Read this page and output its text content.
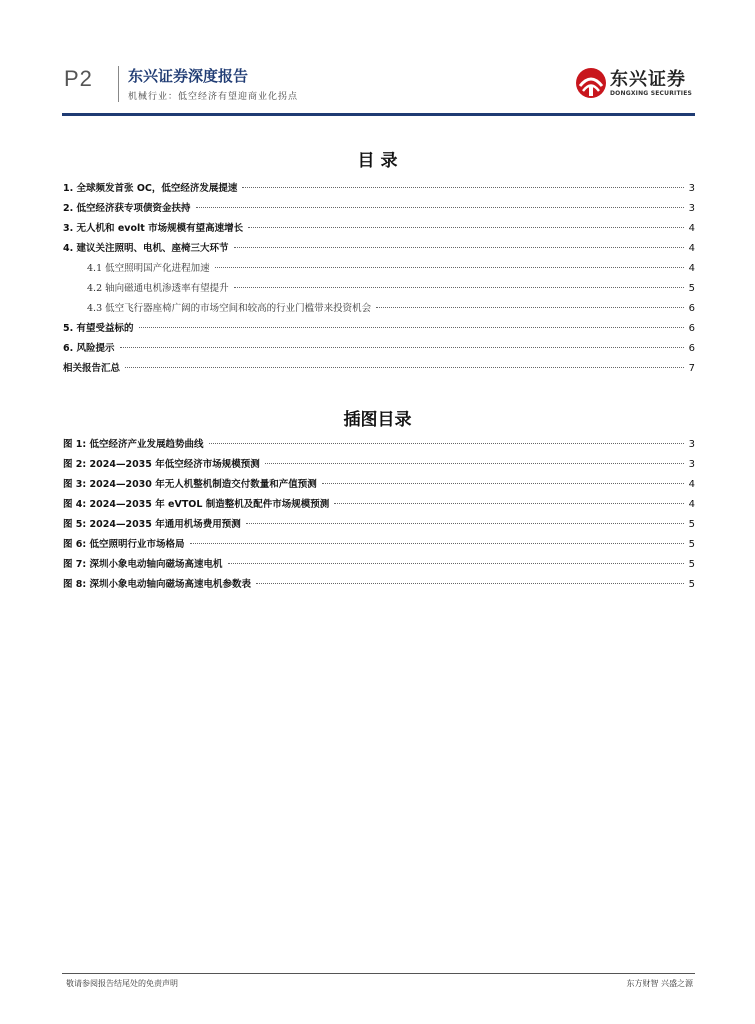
P2 东兴证券深度报告
机械行业：低空经济有望迎商业化拐点
东兴证券
DONGXING SECURITIES
目 录
1. 全球频发首张 OC，低空经济发展提速	3
2. 低空经济获专项债资金扶持	3
3. 无人机和 evolt 市场规模有望高速增长	4
4. 建议关注照明、电机、座椅三大环节	4
4.1 低空照明国产化进程加速	4
4.2 轴向磁通电机渗透率有望提升	5
4.3 低空飞行器座椅广阔的市场空间和较高的行业门槛带来投资机会	6
5. 有望受益标的	6
6. 风险提示	6
相关报告汇总	7
插图目录
图 1: 低空经济产业发展趋势曲线	3
图 2: 2024—2035 年低空经济市场规模预测	3
图 3: 2024—2030 年无人机整机制造交付数量和产值预测	4
图 4: 2024—2035 年 eVTOL 制造整机及配件市场规模预测	4
图 5: 2024—2035 年通用机场费用预测	5
图 6: 低空照明行业市场格局	5
图 7: 深圳小象电动轴向磁场高速电机	5
图 8: 深圳小象电动轴向磁场高速电机参数表	5
敬请参阅报告结尾处的免责声明	东方财智 兴盛之源
